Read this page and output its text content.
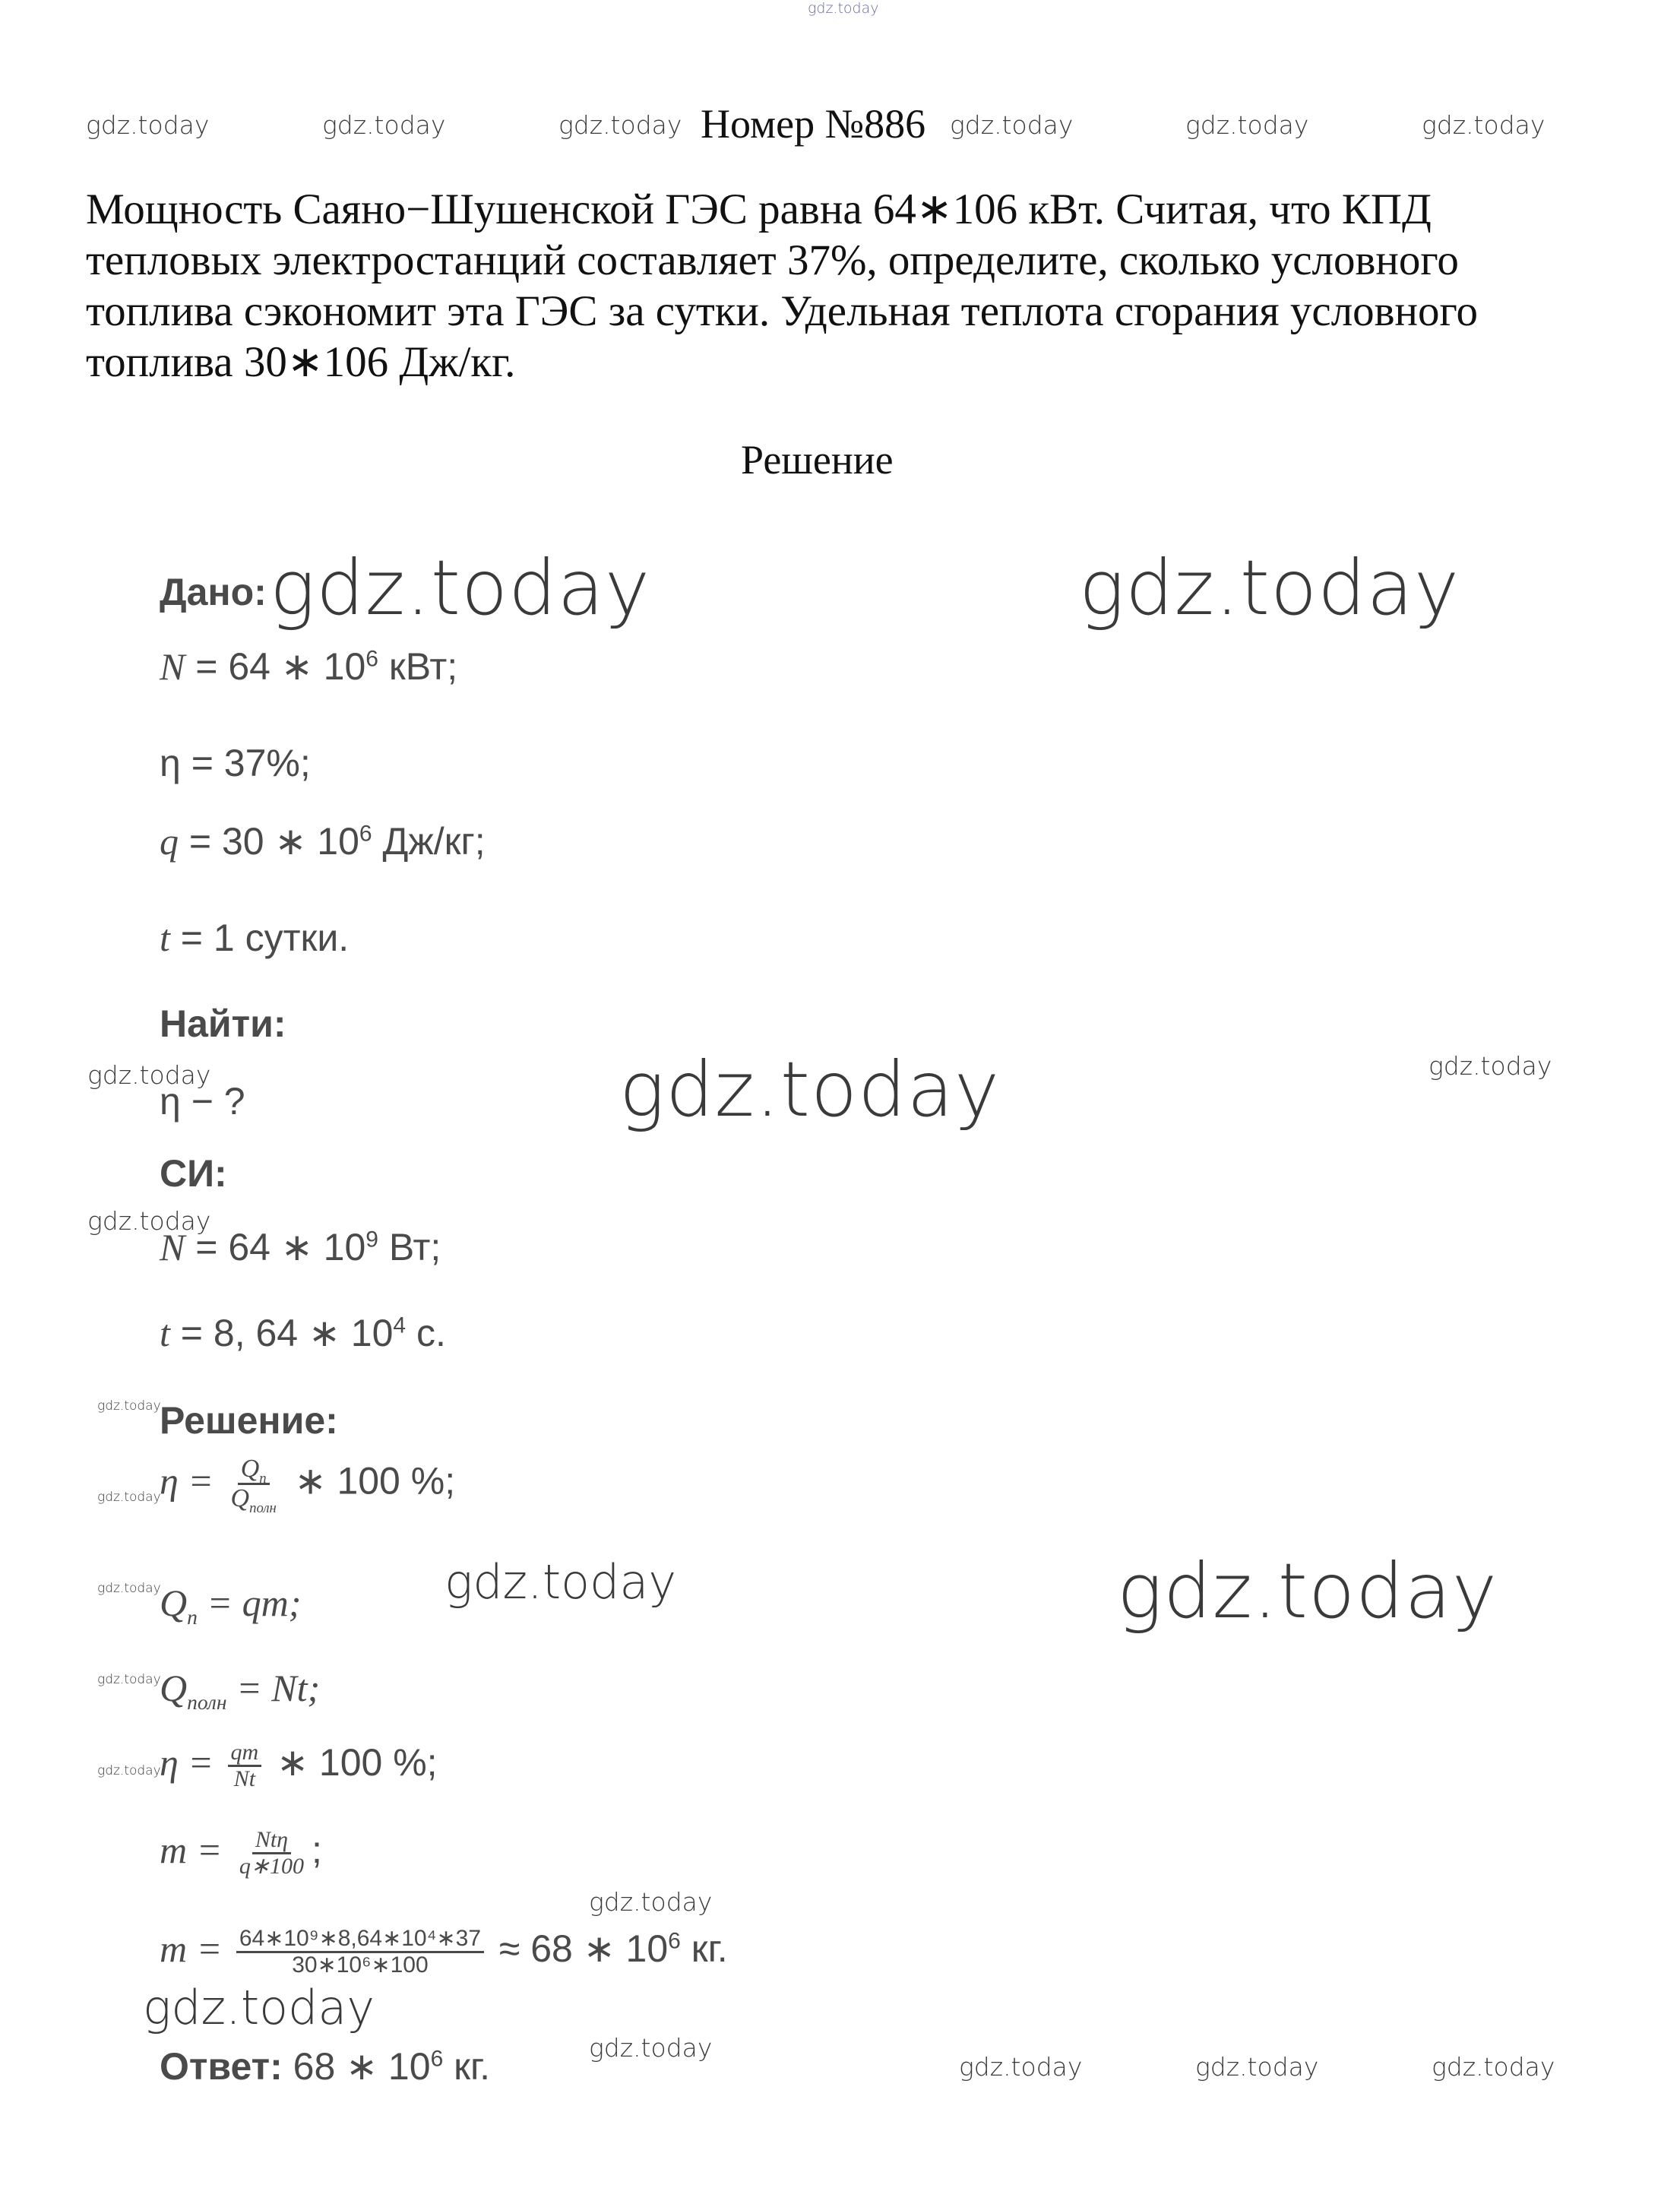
gdz.today
gdz.today	gdz.today	gdz.today	gdz.today	gdz.today	gdz.today
Номер №886
Мощность Саяно−Шушенской ГЭС равна 64∗106 кВт. Считая, что КПД тепловых электростанций составляет 37%, определите, сколько условного топлива сэкономит эта ГЭС за сутки. Удельная теплота сгорания условного топлива 30∗106 Дж/кг.
Решение
gdz.today	gdz.today
gdz.today
gdz.today
gdz.today
gdz.today
gdz.today	gdz.today
gdz.today
gdz.today
gdz.today
gdz.today
gdz.today
gdz.today
gdz.today
gdz.today
gdz.today	gdz.today	gdz.today
Дано:
N = 64 ∗ $10^6$ кВт;
η = 37%;
q = 30 ∗ $10^6$ Дж/кг;
t = 1 сутки.
Найти:
η − ?
СИ:
N = 64 ∗ $10^9$ Вт;
t = 8, 64 ∗ $10^4$ с.
Решение:
$\eta = \frac{Q_п}{Q_{полн}}$ ∗ 100 %;
$Q_п$ = qm;
$Q_{полн} = Nt$;
$\eta = \frac{qm}{Nt}$ ∗ 100 %;
$m = \frac{\text{Ntη}}{q∗100}$ ;
$m = \frac{\text{64∗10⁹∗8,64∗10⁴∗37}}{\text{30∗10⁶∗100}} \approx 68$ ∗ $10^6$ кг.
Ответ: 68 ∗ $10^6$ кг.
